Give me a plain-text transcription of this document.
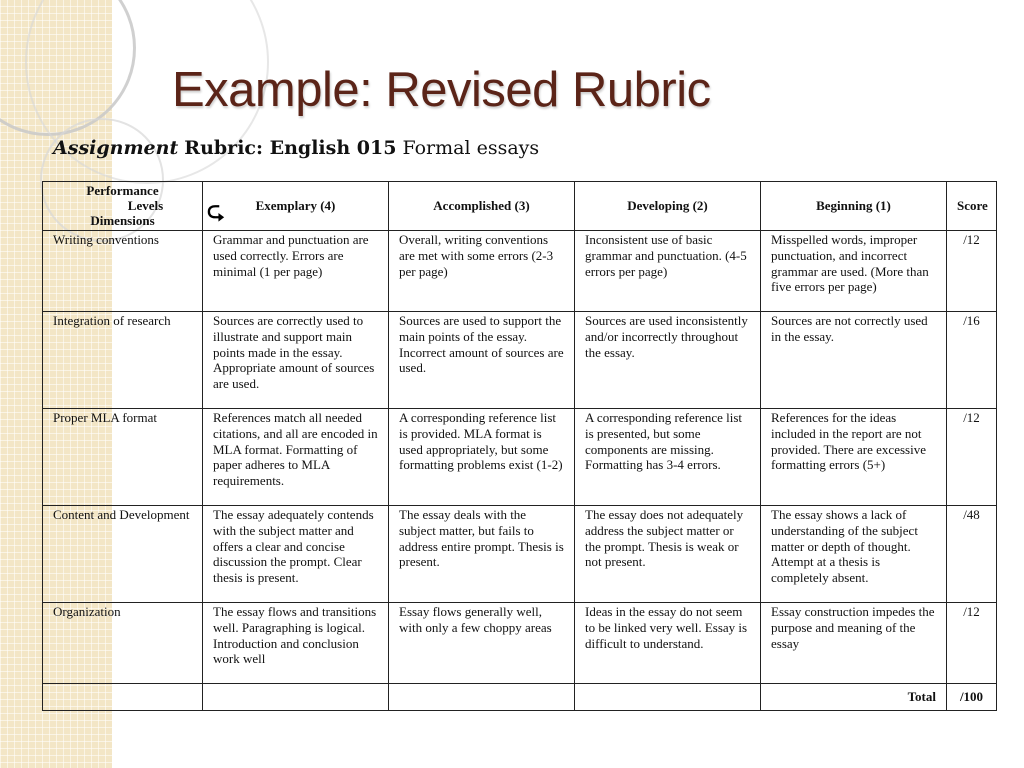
Example: Revised Rubric
Assignment Rubric: English 015 Formal essays
Performance

Levels
Dimensions ⮎	Exemplary (4)	Accomplished (3)	Developing (2)	Beginning (1)	Score
Writing conventions	Grammar and punctuation are used correctly. Errors are minimal (1 per page)	Overall, writing conventions are met with some errors (2-3 per page)	Inconsistent use of basic grammar and punctuation. (4-5 errors per page)	Misspelled words, improper punctuation, and incorrect grammar are used. (More than five errors per page)	/12
Integration of research	Sources are correctly used to illustrate and support main points made in the essay. Appropriate amount of sources are used.	Sources are used to support the main points of the essay. Incorrect amount of sources are used.	Sources are used inconsistently and/or incorrectly throughout the essay.	Sources are not correctly used in the essay.	/16
Proper MLA format	References match all needed citations, and all are encoded in MLA format. Formatting of paper adheres to MLA requirements.	A corresponding reference list is provided. MLA format is used appropriately, but some formatting problems exist (1-2)	A corresponding reference list is presented, but some components are missing. Formatting has 3-4 errors.	References for the ideas included in the report are not provided. There are excessive formatting errors (5+)	/12
Content and Development	The essay adequately contends with the subject matter and offers a clear and concise discussion the prompt. Clear thesis is present.	The essay deals with the subject matter, but fails to address entire prompt. Thesis is present.	The essay does not adequately address the subject matter or the prompt. Thesis is weak or not present.	The essay shows a lack of understanding of the subject matter or depth of thought. Attempt at a thesis is completely absent.	/48
Organization	The essay flows and transitions well. Paragraphing is logical. Introduction and conclusion work well	Essay flows generally well, with only a few choppy areas	Ideas in the essay do not seem to be linked very well. Essay is difficult to understand.	Essay construction impedes the purpose and meaning of the essay	/12
				Total	/100
